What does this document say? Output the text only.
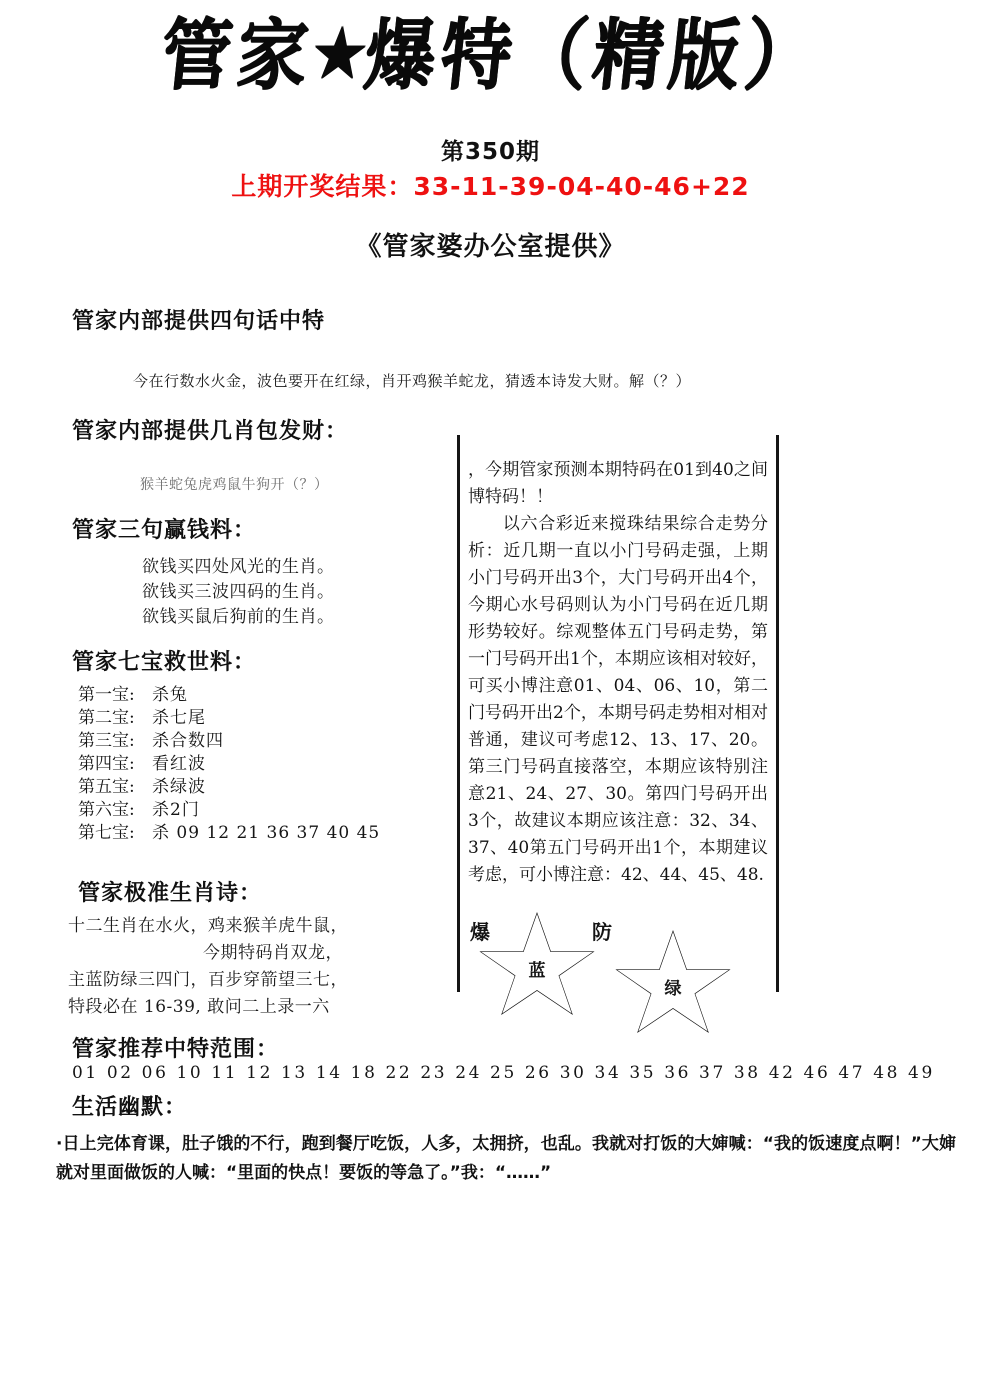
管家★爆特（精版）
第350期
上期开奖结果：33-11-39-04-40-46+22
《管家婆办公室提供》
管家内部提供四句话中特
今在行数水火金，波色要开在红绿，肖开鸡猴羊蛇龙，猜透本诗发大财。解（？）
管家内部提供几肖包发财：
猴羊蛇兔虎鸡鼠牛狗开（？）
管家三句赢钱料：
欲钱买四处风光的生肖。
欲钱买三波四码的生肖。
欲钱买鼠后狗前的生肖。
管家七宝救世料：
第一宝:	杀兔
第二宝:	杀七尾
第三宝:	杀合数四
第四宝:	看红波
第五宝:	杀绿波
第六宝:	杀2门
第七宝:	杀 09 12 21 36 37 40 45
管家极准生肖诗：
十二生肖在水火，鸡来猴羊虎牛鼠，
今期特码肖双龙，
主蓝防绿三四门，百步穿箭望三七，
特段必在 16-39, 敢问二上录一六
，今期管家预测本期特码在01到40之间博特码！！
以六合彩近来搅珠结果综合走势分析：近几期一直以小门号码走强，上期小门号码开出3个，大门号码开出4个，今期心水号码则认为小门号码在近几期形势较好。综观整体五门号码走势，第一门号码开出1个，本期应该相对较好，可买小博注意01、04、06、10，第二门号码开出2个，本期号码走势相对相对普通，建议可考虑12、13、17、20。第三门号码直接落空，本期应该特别注意21、24、27、30。第四门号码开出3个，故建议本期应该注意：32、34、37、40第五门号码开出1个，本期建议考虑，可小博注意：42、44、45、48.
爆
蓝
防
绿
管家推荐中特范围：
01 02 06 10 11 12 13 14 18 22 23 24 25 26 30 34 35 36 37 38 42 46 47 48 49
生活幽默：
·日上完体育课，肚子饿的不行，跑到餐厅吃饭，人多，太拥挤，也乱。我就对打饭的大婶喊：“我的饭速度点啊！”大婶就对里面做饭的人喊：“里面的快点！要饭的等急了。”我：“……”
